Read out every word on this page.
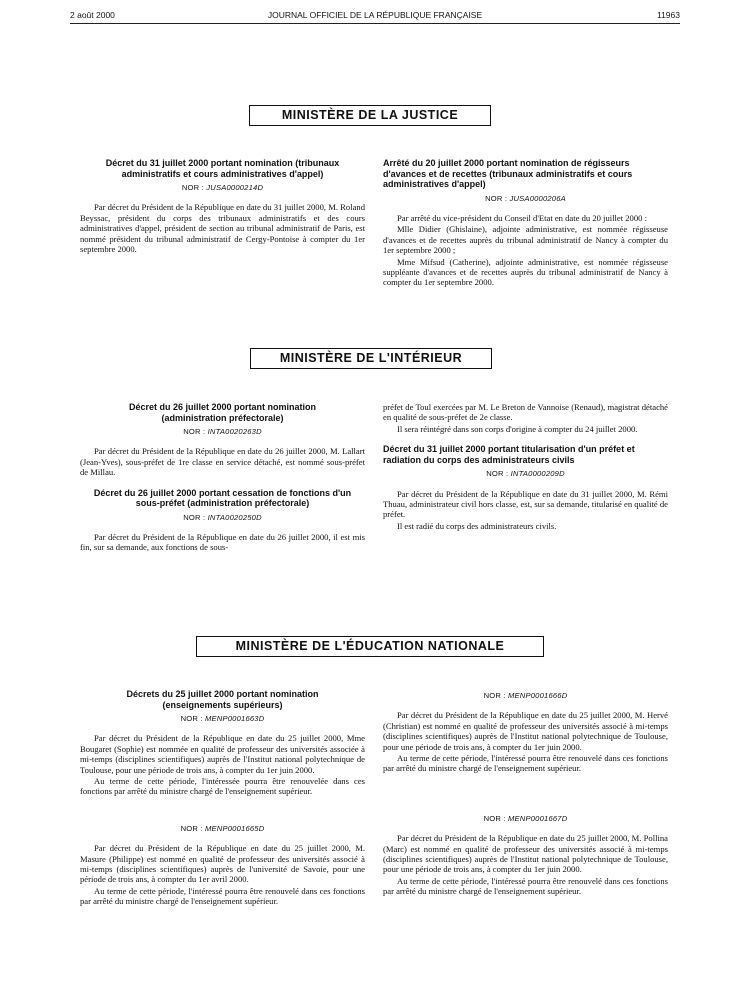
2 août 2000	JOURNAL OFFICIEL DE LA RÉPUBLIQUE FRANÇAISE	11963
MINISTÈRE DE LA JUSTICE
Décret du 31 juillet 2000 portant nomination (tribunaux administratifs et cours administratives d'appel)
NOR : JUSA0000214D

Par décret du Président de la République en date du 31 juillet 2000, M. Roland Beyssac, président du corps des tribunaux administratifs et des cours administratives d'appel, président de section au tribunal administratif de Paris, est nommé président du tribunal administratif de Cergy-Pontoise à compter du 1er septembre 2000.

Arrêté du 20 juillet 2000 portant nomination de régisseurs d'avances et de recettes (tribunaux administratifs et cours administratives d'appel)
NOR : JUSA0000206A

Par arrêté du vice-président du Conseil d'Etat en date du 20 juillet 2000 :

Mlle Didier (Ghislaine), adjointe administrative, est nommée régisseuse d'avances et de recettes auprès du tribunal administratif de Nancy à compter du 1er septembre 2000 ;

Mme Mifsud (Catherine), adjointe administrative, est nommée régisseuse suppléante d'avances et de recettes auprès du tribunal administratif de Nancy à compter du 1er septembre 2000.

MINISTÈRE DE L'INTÉRIEUR
Décret du 26 juillet 2000 portant nomination (administration préfectorale)
NOR : INTA0020263D

Par décret du Président de la République en date du 26 juillet 2000, M. Lallart (Jean-Yves), sous-préfet de 1re classe en service détaché, est nommé sous-préfet de Millau.

Décret du 26 juillet 2000 portant cessation de fonctions d'un sous-préfet (administration préfectorale)
NOR : INTA0020250D

Par décret du Président de la République en date du 26 juillet 2000, il est mis fin, sur sa demande, aux fonctions de sous-

préfet de Toul exercées par M. Le Breton de Vannoise (Renaud), magistrat détaché en qualité de sous-préfet de 2e classe.

Il sera réintégré dans son corps d'origine à compter du 24 juillet 2000.

Décret du 31 juillet 2000 portant titularisation d'un préfet et radiation du corps des administrateurs civils
NOR : INTA0000209D

Par décret du Président de la République en date du 31 juillet 2000, M. Rémi Thuau, administrateur civil hors classe, est, sur sa demande, titularisé en qualité de préfet.

Il est radié du corps des administrateurs civils.

MINISTÈRE DE L'ÉDUCATION NATIONALE
Décrets du 25 juillet 2000 portant nomination (enseignements supérieurs)
NOR : MENP0001663D

Par décret du Président de la République en date du 25 juillet 2000, Mme Bougaret (Sophie) est nommée en qualité de professeur des universités associée à mi-temps (disciplines scientifiques) auprès de l'Institut national polytechnique de Toulouse, pour une période de trois ans, à compter du 1er juin 2000.

Au terme de cette période, l'intéressée pourra être renouvelée dans ces fonctions par arrêté du ministre chargé de l'enseignement supérieur.

NOR : MENP0001665D

Par décret du Président de la République en date du 25 juillet 2000, M. Masure (Philippe) est nommé en qualité de professeur des universités associé à mi-temps (disciplines scientifiques) auprès de l'université de Savoie, pour une période de trois ans, à compter du 1er avril 2000.

Au terme de cette période, l'intéressé pourra être renouvelé dans ces fonctions par arrêté du ministre chargé de l'enseignement supérieur.

NOR : MENP0001666D

Par décret du Président de la République en date du 25 juillet 2000, M. Hervé (Christian) est nommé en qualité de professeur des universités associé à mi-temps (disciplines scientifiques) auprès de l'Institut national polytechnique de Toulouse, pour une période de trois ans, à compter du 1er juin 2000.

Au terme de cette période, l'intéressé pourra être renouvelé dans ces fonctions par arrêté du ministre chargé de l'enseignement supérieur.

NOR : MENP0001667D

Par décret du Président de la République en date du 25 juillet 2000, M. Pollina (Marc) est nommé en qualité de professeur des universités associé à mi-temps (disciplines scientifiques) auprès de l'Institut national polytechnique de Toulouse, pour une période de trois ans, à compter du 1er juin 2000.

Au terme de cette période, l'intéressé pourra être renouvelé dans ces fonctions par arrêté du ministre chargé de l'enseignement supérieur.
